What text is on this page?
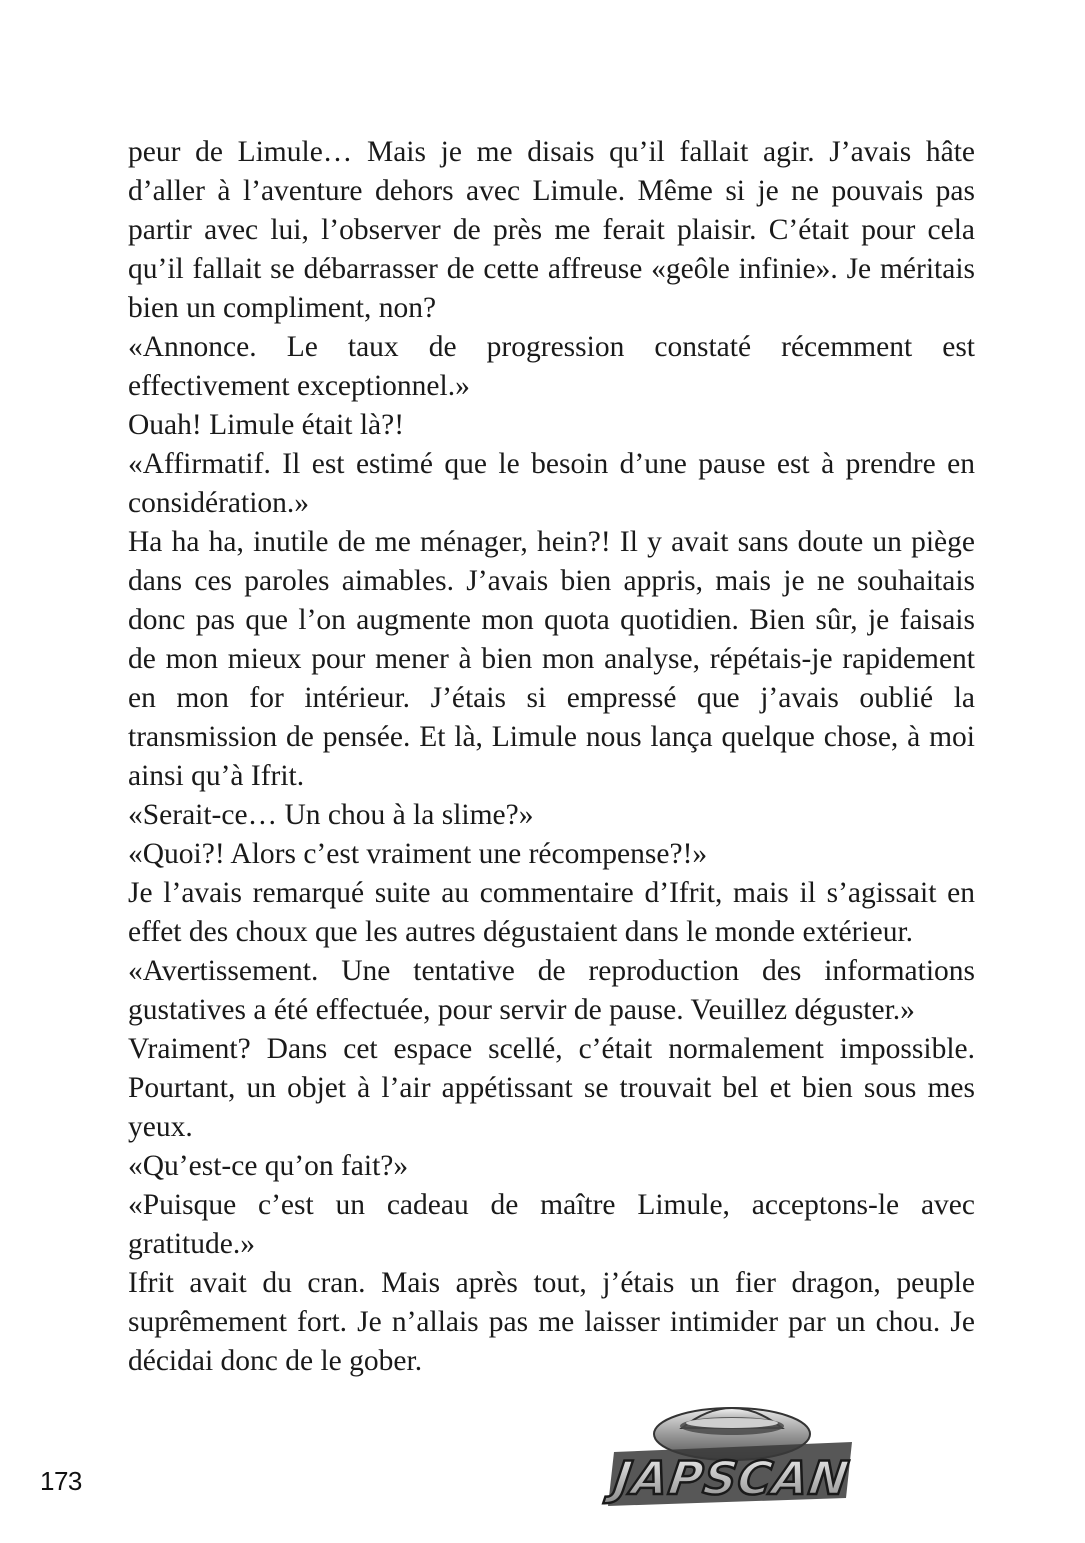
peur de Limule… Mais je me disais qu’il fallait agir. J’avais hâte d’aller à l’aventure dehors avec Limule. Même si je ne pouvais pas partir avec lui, l’observer de près me ferait plaisir. C’était pour cela qu’il fallait se débarrasser de cette affreuse «geôle infinie». Je méritais bien un compliment, non?

«Annonce. Le taux de progression constaté récemment est effectivement exceptionnel.»

Ouah! Limule était là?!

«Affirmatif. Il est estimé que le besoin d’une pause est à prendre en considération.»

Ha ha ha, inutile de me ménager, hein?! Il y avait sans doute un piège dans ces paroles aimables. J’avais bien appris, mais je ne souhaitais donc pas que l’on augmente mon quota quotidien. Bien sûr, je faisais de mon mieux pour mener à bien mon analyse, répétais-je rapidement en mon for intérieur. J’étais si empressé que j’avais oublié la transmission de pensée. Et là, Limule nous lança quelque chose, à moi ainsi qu’à Ifrit.

«Serait-ce… Un chou à la slime?»

«Quoi?! Alors c’est vraiment une récompense?!»

Je l’avais remarqué suite au commentaire d’Ifrit, mais il s’agissait en effet des choux que les autres dégustaient dans le monde extérieur.

«Avertissement. Une tentative de reproduction des informations gustatives a été effectuée, pour servir de pause. Veuillez déguster.»

Vraiment? Dans cet espace scellé, c’était normalement impossible. Pourtant, un objet à l’air appétissant se trouvait bel et bien sous mes yeux.

«Qu’est-ce qu’on fait?»

«Puisque c’est un cadeau de maître Limule, acceptons-le avec gratitude.»

Ifrit avait du cran. Mais après tout, j’étais un fier dragon, peuple suprêmement fort. Je n’allais pas me laisser intimider par un chou. Je décidai donc de le gober.

173	JAPSCAN
